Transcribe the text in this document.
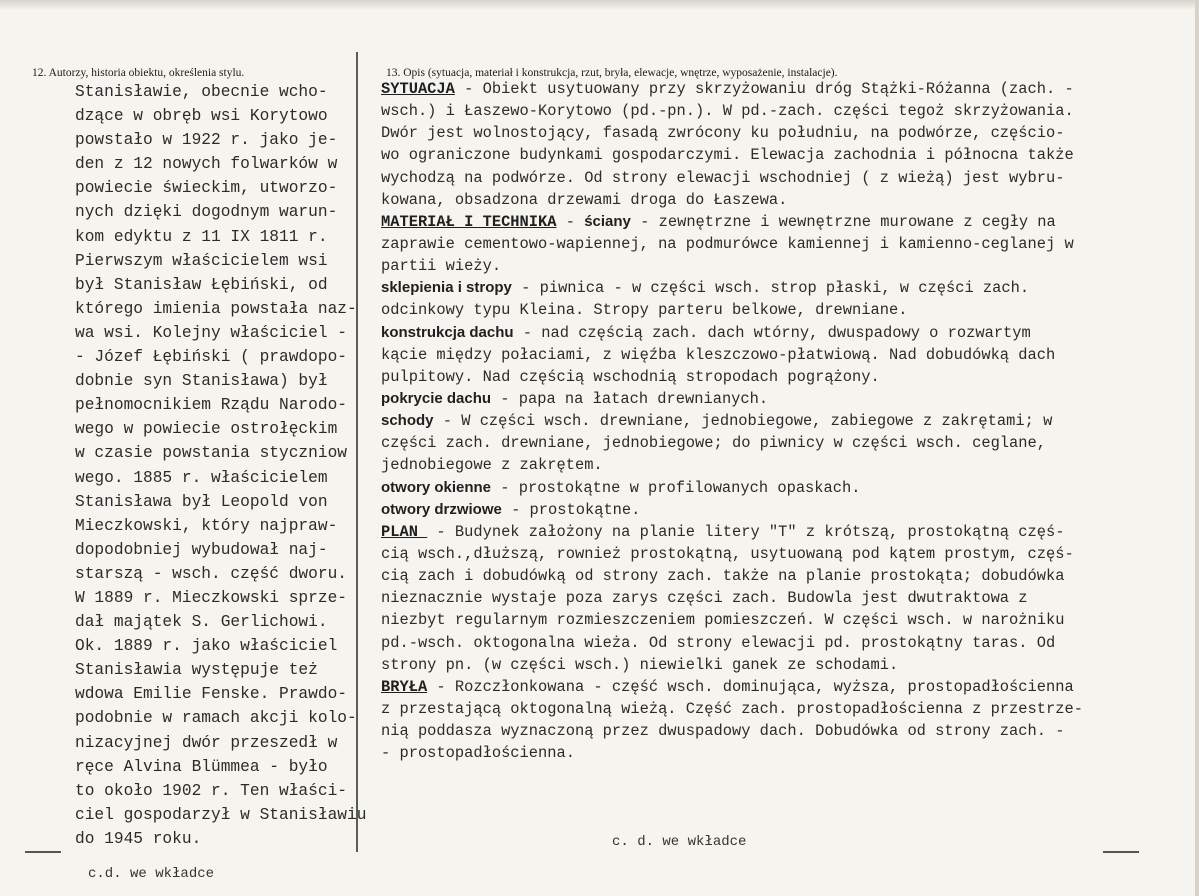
12. Autorzy, historia obiektu, określenia stylu.	13. Opis (sytuacja, materiał i konstrukcja, rzut, bryła, elewacje, wnętrze, wyposażenie, instalacje).
Stanisławie, obecnie wcho-
dzące w obręb wsi Korytowo
powstało w 1922 r. jako je-
den z 12 nowych folwarków w
powiecie świeckim, utworzo-
nych dzięki dogodnym warun-
kom edyktu z 11 IX 1811 r.
Pierwszym właścicielem wsi
był Stanisław Łębiński, od
którego imienia powstała naz-
wa wsi. Kolejny właściciel -
- Józef Łębiński ( prawdopo-
dobnie syn Stanisława) był
pełnomocnikiem Rządu Narodo-
wego w powiecie ostrołęckim
w czasie powstania styczniow
wego. 1885 r. właścicielem
Stanisława był Leopold von
Mieczkowski, który najpraw-
dopodobniej wybudował naj-
starszą - wsch. część dworu.
W 1889 r. Mieczkowski sprze-
dał majątek S. Gerlichowi.
Ok. 1889 r. jako właściciel
Stanisławia występuje też
wdowa Emilie Fenske. Prawdo-
podobnie w ramach akcji kolo-
nizacyjnej dwór przeszedł w
ręce Alvina Blümmea - było
to około 1902 r. Ten właści-
ciel gospodarzył w Stanisławiu
do 1945 roku.
SYTUACJA - Obiekt usytuowany przy skrzyżowaniu dróg Stążki-Różanna (zach. -
wsch.) i Łaszewo-Korytowo (pd.-pn.). W pd.-zach. części tegoż skrzyżowania.
Dwór jest wolnostojący, fasadą zwrócony ku południu, na podwórze, częścio-
wo ograniczone budynkami gospodarczymi. Elewacja zachodnia i północna także
wychodzą na podwórze. Od strony elewacji wschodniej ( z wieżą) jest wybru-
kowana, obsadzona drzewami droga do Łaszewa.
MATERIAŁ I TECHNIKA - ściany - zewnętrzne i wewnętrzne murowane z cegły na
zaprawie cementowo-wapiennej, na podmurówce kamiennej i kamienno-ceglanej w
partii wieży.
sklepienia i stropy - piwnica - w części wsch. strop płaski, w części zach.
odcinkowy typu Kleina. Stropy parteru belkowe, drewniane.
konstrukcja dachu - nad częścią zach. dach wtórny, dwuspadowy o rozwartym
kącie między połaciami, z więźba kleszczowo-płatwiową. Nad dobudówką dach
pulpitowy. Nad częścią wschodnią stropodach pogrążony.
pokrycie dachu - papa na łatach drewnianych.
schody - W części wsch. drewniane, jednobiegowe, zabiegowe z zakrętami; w
części zach. drewniane, jednobiegowe; do piwnicy w części wsch. ceglane,
jednobiegowe z zakrętem.
otwory okienne - prostokątne w profilowanych opaskach.
otwory drzwiowe - prostokątne.
PLAN  - Budynek założony na planie litery "T" z krótszą, prostokątną częś-
cią wsch.,dłuższą, rownież prostokątną, usytuowaną pod kątem prostym, częś-
cią zach i dobudówką od strony zach. także na planie prostokąta; dobudówka
nieznacznie wystaje poza zarys części zach. Budowla jest dwutraktowa z
niezbyt regularnym rozmieszczeniem pomieszczeń. W części wsch. w narożniku
pd.-wsch. oktogonalna wieża. Od strony elewacji pd. prostokątny taras. Od
strony pn. (w części wsch.) niewielki ganek ze schodami.
BRYŁA - Rozczłonkowana - część wsch. dominująca, wyższa, prostopadłościenna
z przestającą oktogonalną wieżą. Część zach. prostopadłościenna z przestrze-
nią poddasza wyznaczoną przez dwuspadowy dach. Dobudówka od strony zach. -
- prostopadłościenna.
c.d. we wkładce
c. d. we wkładce
